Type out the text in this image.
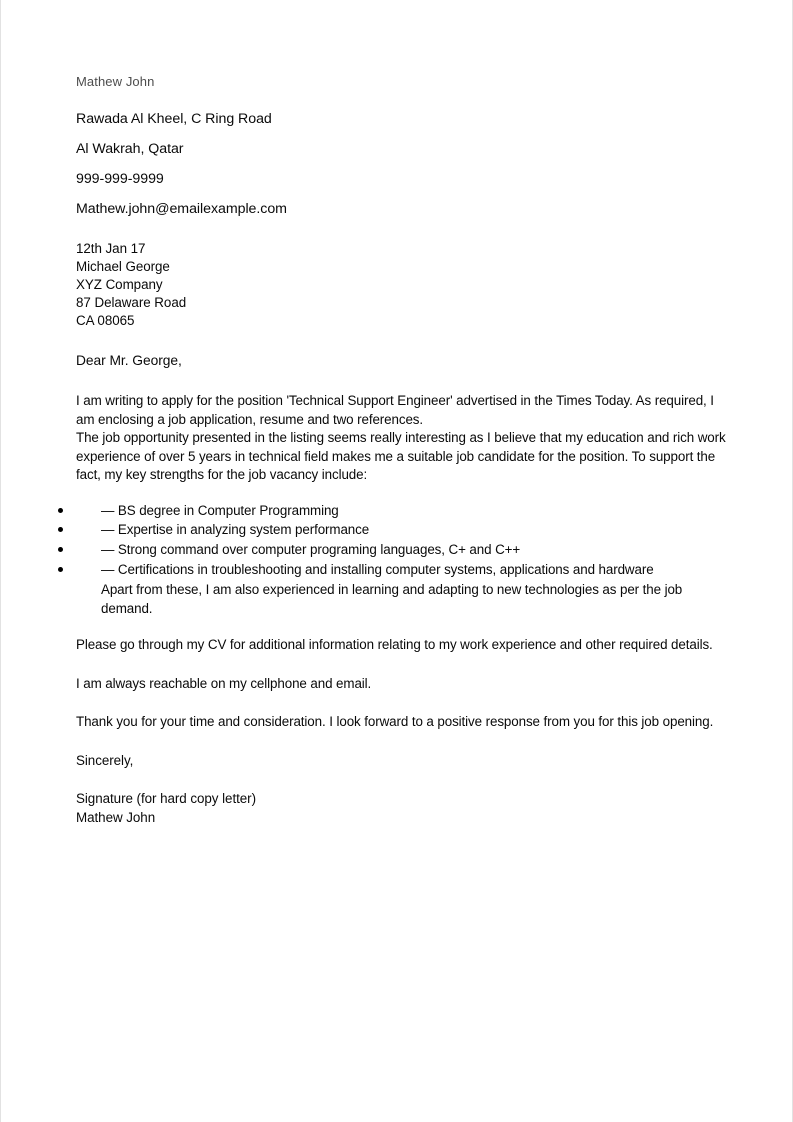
Mathew John

Rawada Al Kheel, C Ring Road

Al Wakrah, Qatar

999-999-9999

Mathew.john@emailexample.com

12th Jan 17

Michael George

XYZ Company

87 Delaware Road

CA 08065

Dear Mr. George,

I am writing to apply for the position 'Technical Support Engineer' advertised in the Times Today. As required, I am enclosing a job application, resume and two references.

The job opportunity presented in the listing seems really interesting as I believe that my education and rich work experience of over 5 years in technical field makes me a suitable job candidate for the position. To support the fact, my key strengths for the job vacancy include:

— BS degree in Computer Programming
— Expertise in analyzing system performance
— Strong command over computer programing languages, C+ and C++
— Certifications in troubleshooting and installing computer systems, applications and hardware
Apart from these, I am also experienced in learning and adapting to new technologies as per the job demand.

Please go through my CV for additional information relating to my work experience and other required details.

I am always reachable on my cellphone and email.

Thank you for your time and consideration. I look forward to a positive response from you for this job opening.

Sincerely,

Signature (for hard copy letter)

Mathew John
